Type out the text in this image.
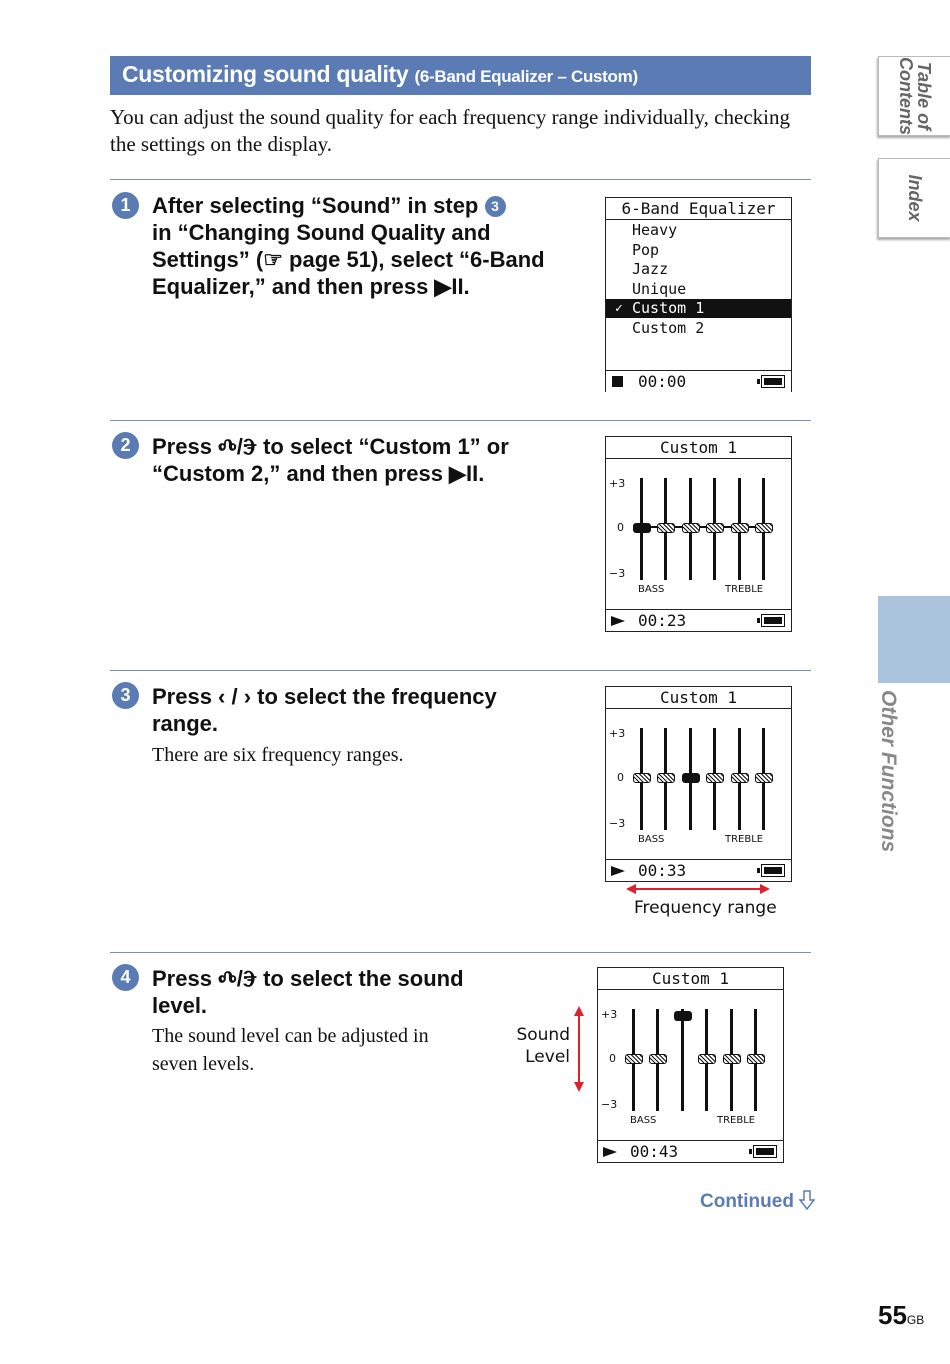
Customizing sound quality (6-Band Equalizer – Custom)
You can adjust the sound quality for each frequency range individually, checking the settings on the display.
1 After selecting “Sound” in step 3
in “Changing Sound Quality and
Settings” (☞ page 51), select “6-Band
Equalizer,” and then press ▶II.
6-Band Equalizer
Heavy
Pop
Jazz
Unique
✓ Custom 1
Custom 2
00:00
2 Press Ⰴ/Ⰵ to select “Custom 1” or
“Custom 2,” and then press ▶II.
Custom 1
+3
0
−3
BASS	TREBLE
00:23
3 Press ‹ / › to select the frequency
range.
There are six frequency ranges.
Custom 1
+3
0
−3
BASS	TREBLE
00:33
Frequency range
4 Press Ⰴ/Ⰵ to select the sound
level.
The sound level can be adjusted in
seven levels.
Sound
Level
Custom 1
+3
0
−3
BASS	TREBLE
00:43
Continued
Table of
Contents
Index
Other Functions
55GB
